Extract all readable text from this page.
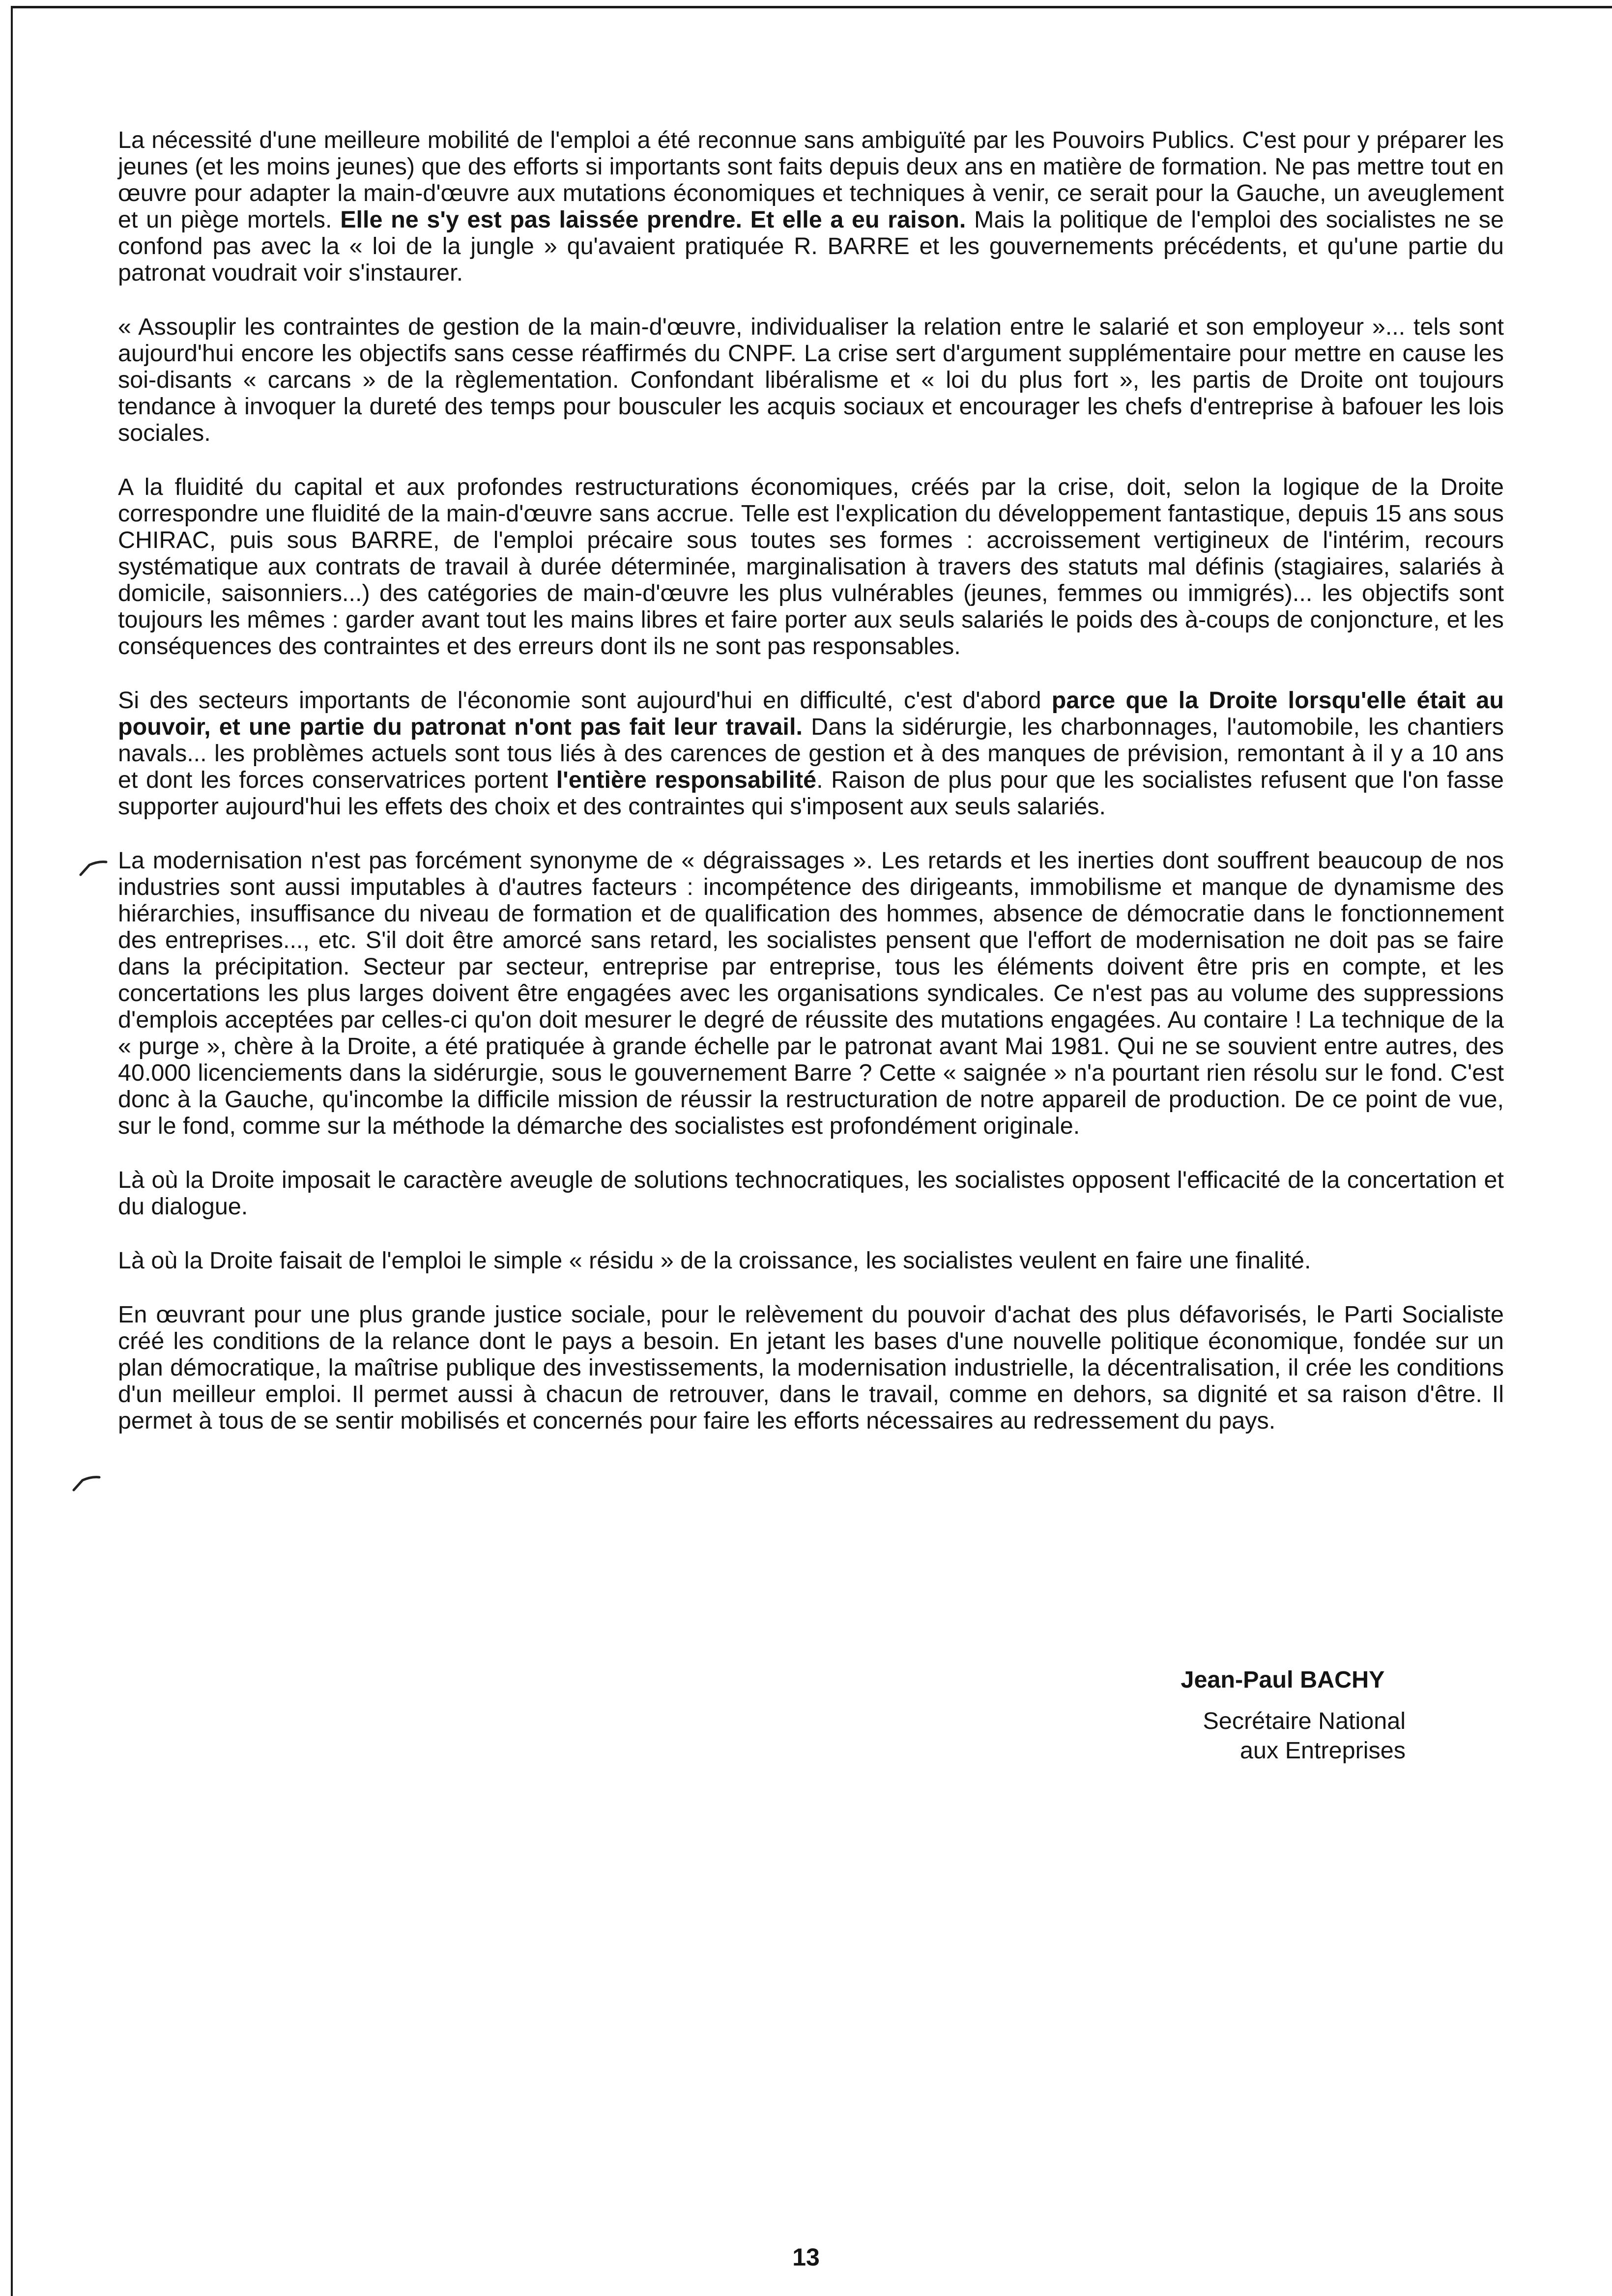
La nécessité d'une meilleure mobilité de l'emploi a été reconnue sans ambiguïté par les Pouvoirs Publics. C'est pour y préparer les jeunes (et les moins jeunes) que des efforts si importants sont faits depuis deux ans en matière de formation. Ne pas mettre tout en œuvre pour adapter la main-d'œuvre aux mutations économiques et techniques à venir, ce serait pour la Gauche, un aveuglement et un piège mortels. Elle ne s'y est pas laissée prendre. Et elle a eu raison. Mais la politique de l'emploi des socialistes ne se confond pas avec la « loi de la jungle » qu'avaient pratiquée R. BARRE et les gouvernements précédents, et qu'une partie du patronat voudrait voir s'instaurer.

« Assouplir les contraintes de gestion de la main-d'œuvre, individualiser la relation entre le salarié et son employeur »... tels sont aujourd'hui encore les objectifs sans cesse réaffirmés du CNPF. La crise sert d'argument supplémentaire pour mettre en cause les soi-disants « carcans » de la règlementation. Confondant libéralisme et « loi du plus fort », les partis de Droite ont toujours tendance à invoquer la dureté des temps pour bousculer les acquis sociaux et encourager les chefs d'entreprise à bafouer les lois sociales.

A la fluidité du capital et aux profondes restructurations économiques, créés par la crise, doit, selon la logique de la Droite correspondre une fluidité de la main-d'œuvre sans accrue. Telle est l'explication du développement fantastique, depuis 15 ans sous CHIRAC, puis sous BARRE, de l'emploi précaire sous toutes ses formes : accroissement vertigineux de l'intérim, recours systématique aux contrats de travail à durée déterminée, marginalisation à travers des statuts mal définis (stagiaires, salariés à domicile, saisonniers...) des catégories de main-d'œuvre les plus vulnérables (jeunes, femmes ou immigrés)... les objectifs sont toujours les mêmes : garder avant tout les mains libres et faire porter aux seuls salariés le poids des à-coups de conjoncture, et les conséquences des contraintes et des erreurs dont ils ne sont pas responsables.

Si des secteurs importants de l'économie sont aujourd'hui en difficulté, c'est d'abord parce que la Droite lorsqu'elle était au pouvoir, et une partie du patronat n'ont pas fait leur travail. Dans la sidérurgie, les charbonnages, l'automobile, les chantiers navals... les problèmes actuels sont tous liés à des carences de gestion et à des manques de prévision, remontant à il y a 10 ans et dont les forces conservatrices portent l'entière responsabilité. Raison de plus pour que les socialistes refusent que l'on fasse supporter aujourd'hui les effets des choix et des contraintes qui s'imposent aux seuls salariés.

La modernisation n'est pas forcément synonyme de « dégraissages ». Les retards et les inerties dont souffrent beaucoup de nos industries sont aussi imputables à d'autres facteurs : incompétence des dirigeants, immobilisme et manque de dynamisme des hiérarchies, insuffisance du niveau de formation et de qualification des hommes, absence de démocratie dans le fonctionnement des entreprises..., etc. S'il doit être amorcé sans retard, les socialistes pensent que l'effort de modernisation ne doit pas se faire dans la précipitation. Secteur par secteur, entreprise par entreprise, tous les éléments doivent être pris en compte, et les concertations les plus larges doivent être engagées avec les organisations syndicales. Ce n'est pas au volume des suppressions d'emplois acceptées par celles-ci qu'on doit mesurer le degré de réussite des mutations engagées. Au contaire ! La technique de la « purge », chère à la Droite, a été pratiquée à grande échelle par le patronat avant Mai 1981. Qui ne se souvient entre autres, des 40.000 licenciements dans la sidérurgie, sous le gouvernement Barre ? Cette « saignée » n'a pourtant rien résolu sur le fond. C'est donc à la Gauche, qu'incombe la difficile mission de réussir la restructuration de notre appareil de production. De ce point de vue, sur le fond, comme sur la méthode la démarche des socialistes est profondément originale.

Là où la Droite imposait le caractère aveugle de solutions technocratiques, les socialistes opposent l'efficacité de la concertation et du dialogue.

Là où la Droite faisait de l'emploi le simple « résidu » de la croissance, les socialistes veulent en faire une finalité.

En œuvrant pour une plus grande justice sociale, pour le relèvement du pouvoir d'achat des plus défavorisés, le Parti Socialiste créé les conditions de la relance dont le pays a besoin. En jetant les bases d'une nouvelle politique économique, fondée sur un plan démocratique, la maîtrise publique des investissements, la modernisation industrielle, la décentralisation, il crée les conditions d'un meilleur emploi. Il permet aussi à chacun de retrouver, dans le travail, comme en dehors, sa dignité et sa raison d'être. Il permet à tous de se sentir mobilisés et concernés pour faire les efforts nécessaires au redressement du pays.

Jean-Paul BACHY
Secrétaire National
aux Entreprises
13
